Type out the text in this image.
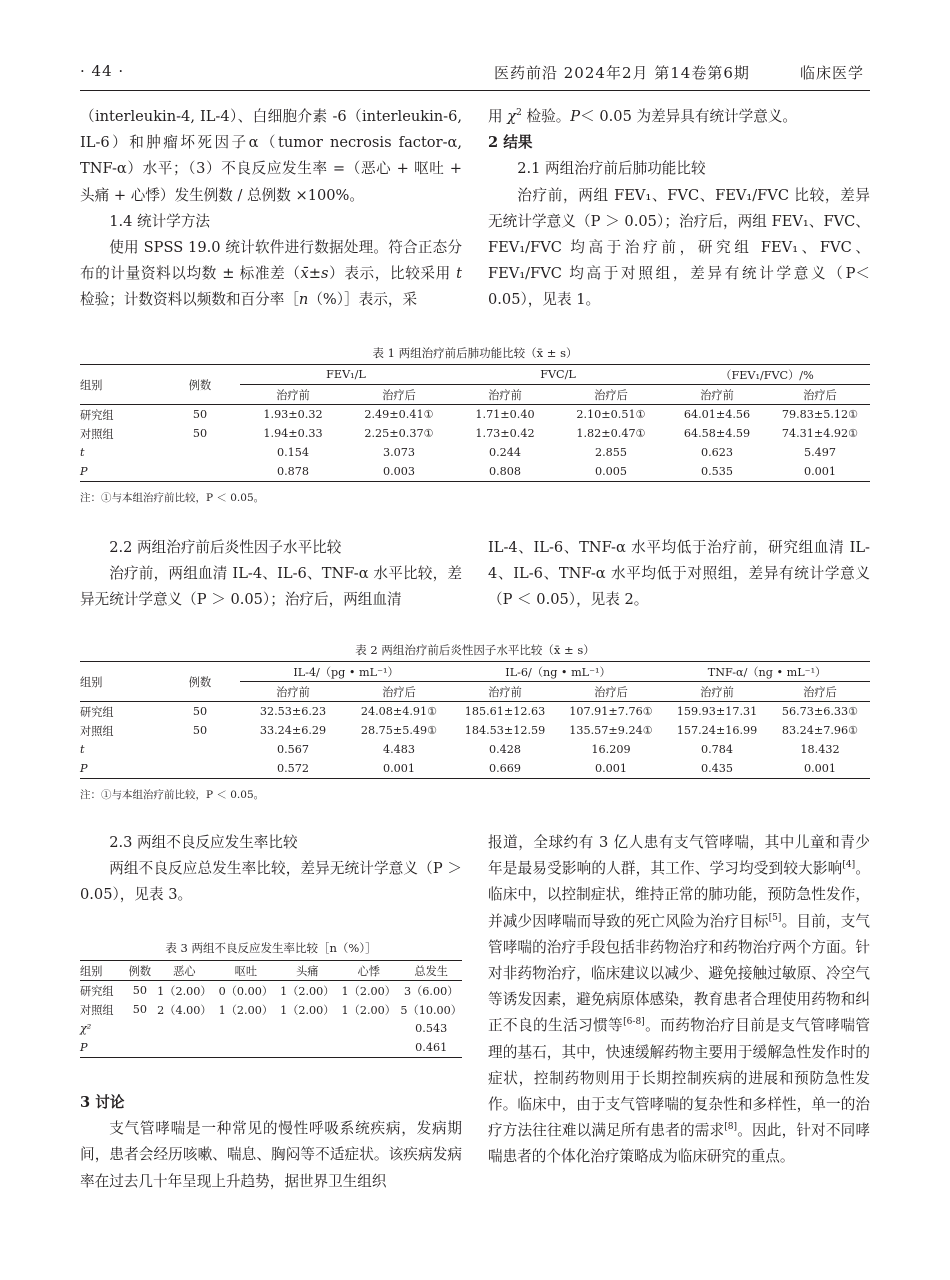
· 44 ·	医药前沿 2024年2月 第14卷第6期	临床医学

（interleukin-4, IL-4）、白细胞介素 -6（interleukin-6, IL-6）和肿瘤坏死因子α（tumor necrosis factor-α, TNF-α）水平；（3）不良反应发生率 =（恶心 + 呕吐 + 头痛 + 心悸）发生例数 / 总例数 ×100%。

1.4 统计学方法

使用 SPSS 19.0 统计软件进行数据处理。符合正态分布的计量资料以均数 ± 标准差（x̄±s）表示，比较采用 t 检验；计数资料以频数和百分率［n（%）］表示，采

用 $\chi^2$ 检验。P＜ 0.05 为差异具有统计学意义。

2 结果

2.1 两组治疗前后肺功能比较

治疗前，两组 FEV₁、FVC、FEV₁/FVC 比较，差异无统计学意义（P ＞ 0.05）；治疗后，两组 FEV₁、FVC、FEV₁/FVC 均高于治疗前，研究组 FEV₁、FVC、FEV₁/FVC 均高于对照组，差异有统计学意义（P＜0.05），见表 1。

表 1 两组治疗前后肺功能比较（x̄ ± s）
组别	例数	FEV₁/L		FVC/L		（FEV₁/FVC）/%	
		治疗前	治疗后	治疗前	治疗后	治疗前	治疗后
研究组	50	1.93±0.32	2.49±0.41①	1.71±0.40	2.10±0.51①	64.01±4.56	79.83±5.12①
对照组	50	1.94±0.33	2.25±0.37①	1.73±0.42	1.82±0.47①	64.58±4.59	74.31±4.92①
t		0.154	3.073	0.244	2.855	0.623	5.497
P		0.878	0.003	0.808	0.005	0.535	0.001
注：①与本组治疗前比较，P ＜ 0.05。

2.2 两组治疗前后炎性因子水平比较

治疗前，两组血清 IL-4、IL-6、TNF-α 水平比较，差异无统计学意义（P ＞ 0.05）；治疗后，两组血清

IL-4、IL-6、TNF-α 水平均低于治疗前，研究组血清 IL-4、IL-6、TNF-α 水平均低于对照组，差异有统计学意义（P ＜ 0.05），见表 2。

表 2 两组治疗前后炎性因子水平比较（x̄ ± s）
组别	例数	IL-4/（pg • mL⁻¹）		IL-6/（ng • mL⁻¹）		TNF-α/（ng • mL⁻¹）	
		治疗前	治疗后	治疗前	治疗后	治疗前	治疗后
研究组	50	32.53±6.23	24.08±4.91①	185.61±12.63	107.91±7.76①	159.93±17.31	56.73±6.33①
对照组	50	33.24±6.29	28.75±5.49①	184.53±12.59	135.57±9.24①	157.24±16.99	83.24±7.96①
t		0.567	4.483	0.428	16.209	0.784	18.432
P		0.572	0.001	0.669	0.001	0.435	0.001
注：①与本组治疗前比较，P ＜ 0.05。

2.3 两组不良反应发生率比较

两组不良反应总发生率比较，差异无统计学意义（P ＞ 0.05），见表 3。

表 3 两组不良反应发生率比较［n（%）］
组别	例数	恶心	呕吐	头痛	心悸	总发生
研究组	50	1（2.00）	0（0.00）	1（2.00）	1（2.00）	3（6.00）
对照组	50	2（4.00）	1（2.00）	1（2.00）	1（2.00）	5（10.00）
χ²						0.543
P						0.461

3 讨论

支气管哮喘是一种常见的慢性呼吸系统疾病，发病期间，患者会经历咳嗽、喘息、胸闷等不适症状。该疾病发病率在过去几十年呈现上升趋势，据世界卫生组织

报道，全球约有 3 亿人患有支气管哮喘，其中儿童和青少年是最易受影响的人群，其工作、学习均受到较大影响[4]。临床中，以控制症状，维持正常的肺功能，预防急性发作，并减少因哮喘而导致的死亡风险为治疗目标[5]。目前，支气管哮喘的治疗手段包括非药物治疗和药物治疗两个方面。针对非药物治疗，临床建议以减少、避免接触过敏原、冷空气等诱发因素，避免病原体感染，教育患者合理使用药物和纠正不良的生活习惯等[6-8]。而药物治疗目前是支气管哮喘管理的基石，其中，快速缓解药物主要用于缓解急性发作时的症状，控制药物则用于长期控制疾病的进展和预防急性发作。临床中，由于支气管哮喘的复杂性和多样性，单一的治疗方法往往难以满足所有患者的需求[8]。因此，针对不同哮喘患者的个体化治疗策略成为临床研究的重点。
